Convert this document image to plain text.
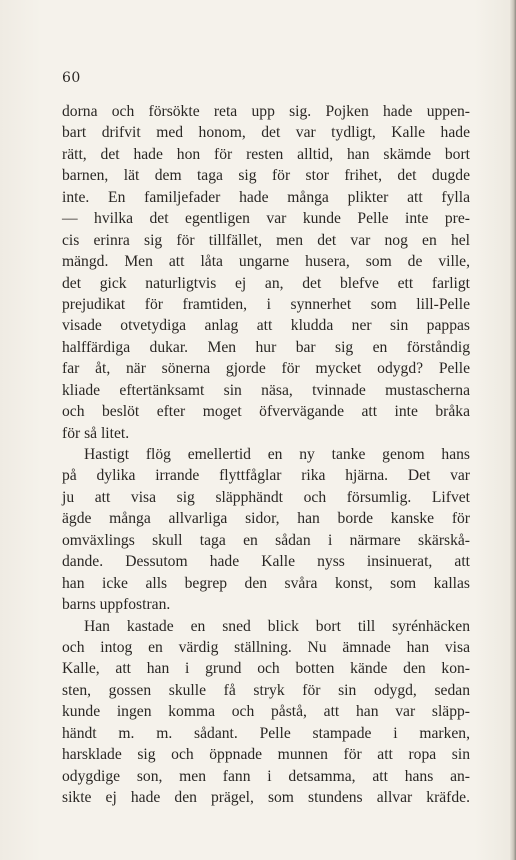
60
dorna och försökte reta upp sig. Pojken hade uppen-
bart drifvit med honom, det var tydligt, Kalle hade
rätt, det hade hon för resten alltid, han skämde bort
barnen, lät dem taga sig för stor frihet, det dugde
inte. En familjefader hade många plikter att fylla
— hvilka det egentligen var kunde Pelle inte pre-
cis erinra sig för tillfället, men det var nog en hel
mängd. Men att låta ungarne husera, som de ville,
det gick naturligtvis ej an, det blefve ett farligt
prejudikat för framtiden, i synnerhet som lill-Pelle
visade otvetydiga anlag att kludda ner sin pappas
halffärdiga dukar. Men hur bar sig en förståndig
far åt, när sönerna gjorde för mycket odygd? Pelle
kliade eftertänksamt sin näsa, tvinnade mustascherna
och beslöt efter moget öfvervägande att inte bråka
för så litet.
Hastigt flög emellertid en ny tanke genom hans
på dylika irrande flyttfåglar rika hjärna. Det var
ju att visa sig släpphändt och försumlig. Lifvet
ägde många allvarliga sidor, han borde kanske för
omväxlings skull taga en sådan i närmare skärskå-
dande. Dessutom hade Kalle nyss insinuerat, att
han icke alls begrep den svåra konst, som kallas
barns uppfostran.
Han kastade en sned blick bort till syrénhäcken
och intog en värdig ställning. Nu ämnade han visa
Kalle, att han i grund och botten kände den kon-
sten, gossen skulle få stryk för sin odygd, sedan
kunde ingen komma och påstå, att han var släpp-
händt m. m. sådant. Pelle stampade i marken,
harsklade sig och öppnade munnen för att ropa sin
odygdige son, men fann i detsamma, att hans an-
sikte ej hade den prägel, som stundens allvar kräfde.
